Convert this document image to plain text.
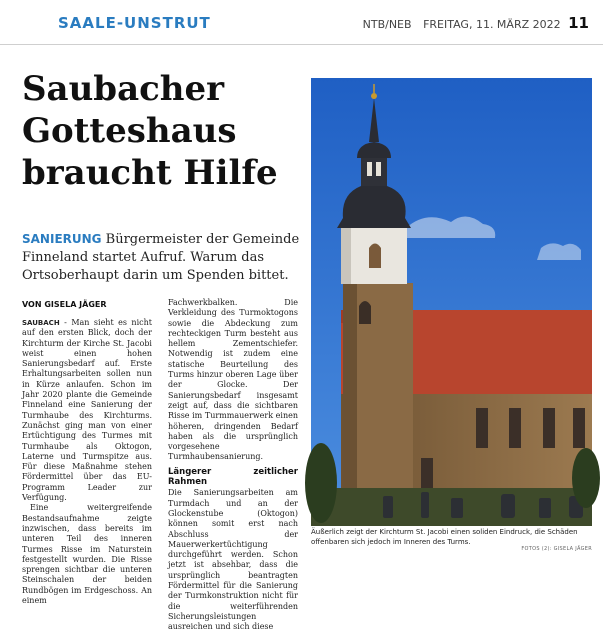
SAALE-UNSTRUT	NTB/NEB FREITAG, 11. MÄRZ 2022 11
Saubacher
Gotteshaus
braucht Hilfe
SANIERUNG Bürgermeister der Gemeinde Finneland startet Aufruf. Warum das Ortsoberhaupt darin um Spenden bittet.
VON GISELA JÄGER

SAUBACH - Man sieht es nicht auf den ersten Blick, doch der Kirchturm der Kirche St. Jacobi weist einen hohen Sanierungsbedarf auf. Erste Erhaltungsarbeiten sollen nun in Kürze anlaufen. Schon im Jahr 2020 plante die Gemeinde Finneland eine Sanierung der Turmhaube des Kirchturms. Zunächst ging man von einer Ertüchtigung des Turmes mit Turmhaube als Oktogon, Laterne und Turmspitze aus. Für diese Maßnahme stehen Fördermittel über das EU-Programm Leader zur Verfügung.

Eine weitergreifende Bestandsaufnahme zeigte inzwischen, dass bereits im unteren Teil des inneren Turmes Risse im Naturstein festgestellt wurden. Die Risse sprengen sichtbar die unteren Steinschalen der beiden Rundbögen im Erdgeschoss. An einem

Fachwerkbalken. Die Verkleidung des Turmoktogons sowie die Abdeckung zum rechteckigen Turm besteht aus hellem Zementschiefer. Notwendig ist zudem eine statische Beurteilung des Turms hinzur oberen Lage über der Glocke. Der Sanierungsbedarf insgesamt zeigt auf, dass die sichtbaren Risse im Turmmauerwerk einen höheren, dringenden Bedarf haben als die ursprünglich vorgesehene Turmhaubensanierung.

Längerer zeitlicher Rahmen

Die Sanierungsarbeiten am Turmdach und an der Glockenstube (Oktogon) können somit erst nach Abschluss der Mauerwerkertüchtigung durchgeführt werden. Schon jetzt ist absehbar, dass die ursprünglich beantragten Fördermittel für die Sanierung der Turmkonstruktion nicht für die weiterführenden Sicherungsleistungen ausreichen und sich diese

Äußerlich zeigt der Kirchturm St. Jacobi einen soliden Eindruck, die Schäden offenbaren sich jedoch im Inneren des Turms.
FOTOS (2): GISELA JÄGER
